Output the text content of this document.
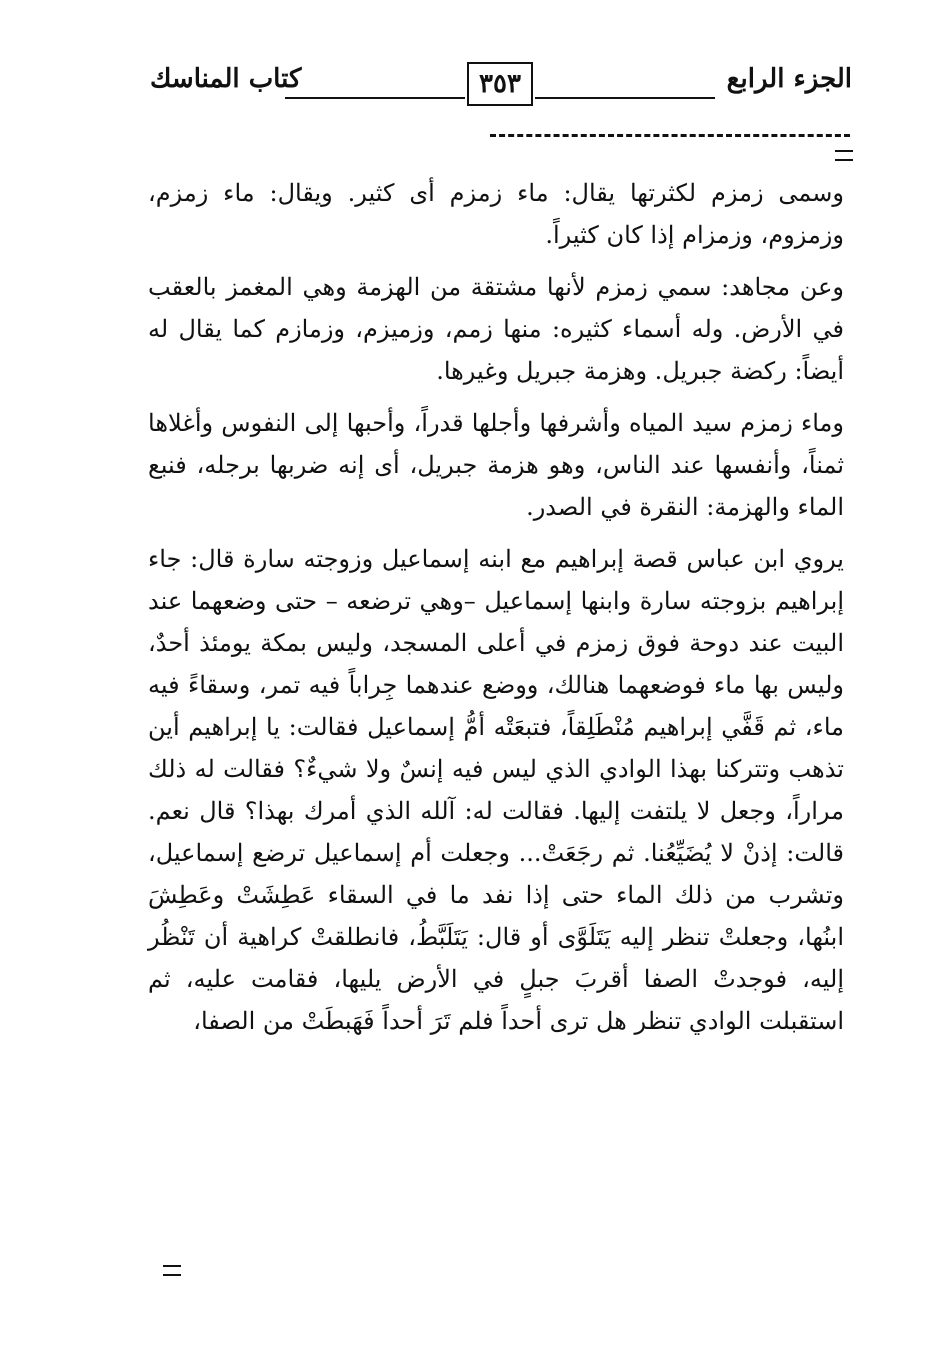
الجزء الرابع
٣٥٣
كتاب المناسك

وسمى زمزم لكثرتها يقال: ماء زمزم أى كثير. ويقال: ماء زمزم، وزمزوم، وزمزام إذا كان كثيراً.

وعن مجاهد: سمي زمزم لأنها مشتقة من الهزمة وهي المغمز بالعقب في الأرض. وله أسماء كثيره: منها زمم، وزميزم، وزمازم كما يقال له أيضاً: ركضة جبريل. وهزمة جبريل وغيرها.

وماء زمزم سيد المياه وأشرفها وأجلها قدراً، وأحبها إلى النفوس وأغلاها ثمناً، وأنفسها عند الناس، وهو هزمة جبريل، أى إنه ضربها برجله، فنبع الماء والهزمة: النقرة في الصدر.

يروي ابن عباس قصة إبراهيم مع ابنه إسماعيل وزوجته سارة قال: جاء إبراهيم بزوجته سارة وابنها إسماعيل –وهي ترضعه – حتى وضعهما عند البيت عند دوحة فوق زمزم في أعلى المسجد، وليس بمكة يومئذ أحدٌ، وليس بها ماء فوضعهما هنالك، ووضع عندهما جِراباً فيه تمر، وسقاءً فيه ماء، ثم قَفَّي إبراهيم مُنْطَلِقاً، فتبعَتْه أمُّ إسماعيل فقالت: يا إبراهيم أين تذهب وتتركنا بهذا الوادي الذي ليس فيه إنسٌ ولا شيءٌ؟ فقالت له ذلك مراراً، وجعل لا يلتفت إليها. فقالت له: آلله الذي أمرك بهذا؟ قال نعم. قالت: إذنْ لا يُضَيِّعُنا. ثم رجَعَتْ... وجعلت أم إسماعيل ترضع إسماعيل، وتشرب من ذلك الماء حتى إذا نفد ما في السقاء عَطِشَتْ وعَطِشَ ابنُها، وجعلتْ تنظر إليه يَتَلَوَّى أو قال: يَتَلَبَّطُ، فانطلقتْ كراهية أن تَنْظُر إليه، فوجدتْ الصفا أقربَ جبلٍ في الأرض يليها، فقامت عليه، ثم استقبلت الوادي تنظر هل ترى أحداً فلم تَرَ أحداً فَهَبطَتْ من الصفا،
